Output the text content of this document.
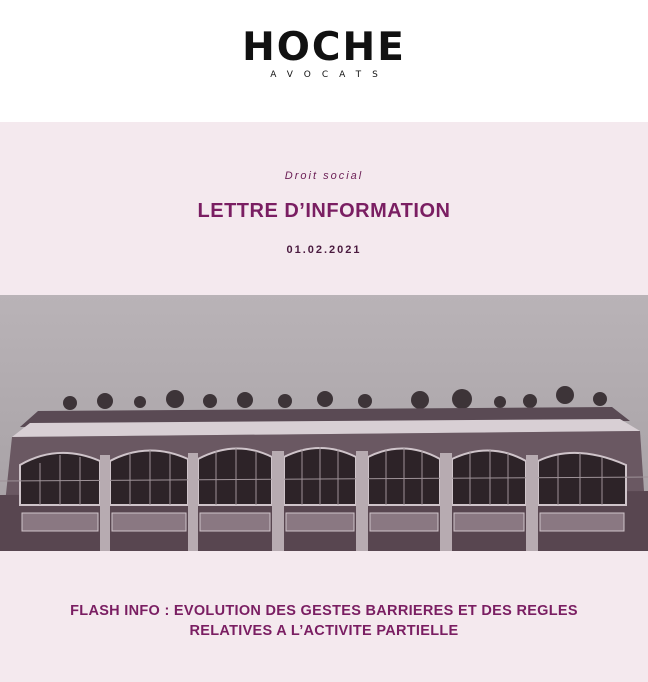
HOCHE
AVOCATS
Droit social
LETTRE D’INFORMATION
01.02.2021
FLASH INFO : EVOLUTION DES GESTES BARRIERES ET DES REGLES
RELATIVES A L’ACTIVITE PARTIELLE
